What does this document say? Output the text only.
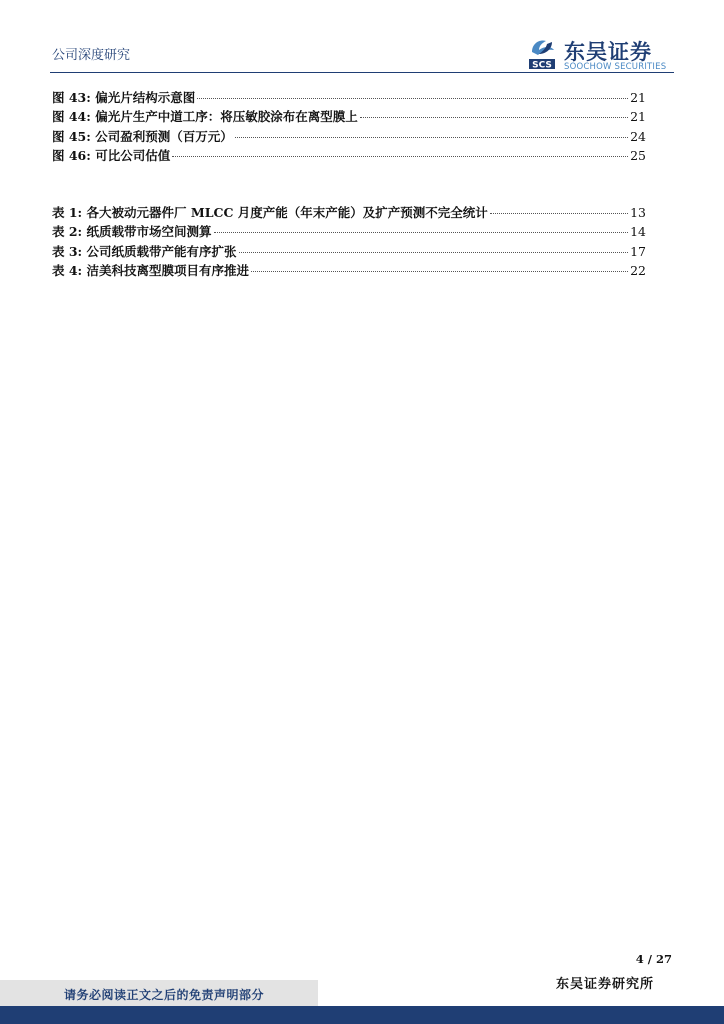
公司深度研究
SCS
东吴证券
SOOCHOW SECURITIES
图 43: 偏光片结构示意图	21
图 44: 偏光片生产中道工序：将压敏胶涂布在离型膜上	21
图 45: 公司盈利预测（百万元）	24
图 46: 可比公司估值	25
表 1: 各大被动元器件厂 MLCC 月度产能（年末产能）及扩产预测不完全统计	13
表 2: 纸质载带市场空间测算	14
表 3: 公司纸质载带产能有序扩张	17
表 4: 洁美科技离型膜项目有序推进	22
4 / 27
东吴证券研究所
请务必阅读正文之后的免责声明部分
